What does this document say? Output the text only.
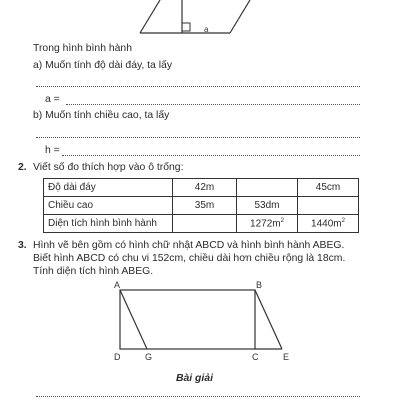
a
Trong hình bình hành
a) Muốn tính độ dài đáy, ta lấy
a =
b) Muốn tính chiều cao, ta lấy
h =
2. Viết số đo thích hợp vào ô trống:
Độ dài đáy	42m		45cm
Chiều cao	35m	53dm	
Diện tích hình bình hành		$1272m^2$	$1440m^2$
3. Hình vẽ bên gồm có hình chữ nhật ABCD và hình bình hành ABEG.
Biết hình ABCD có chu vi 152cm, chiều dài hơn chiều rộng là 18cm.
Tính diện tích hình ABEG.
A	B
D	G	C	E
Bài giải
